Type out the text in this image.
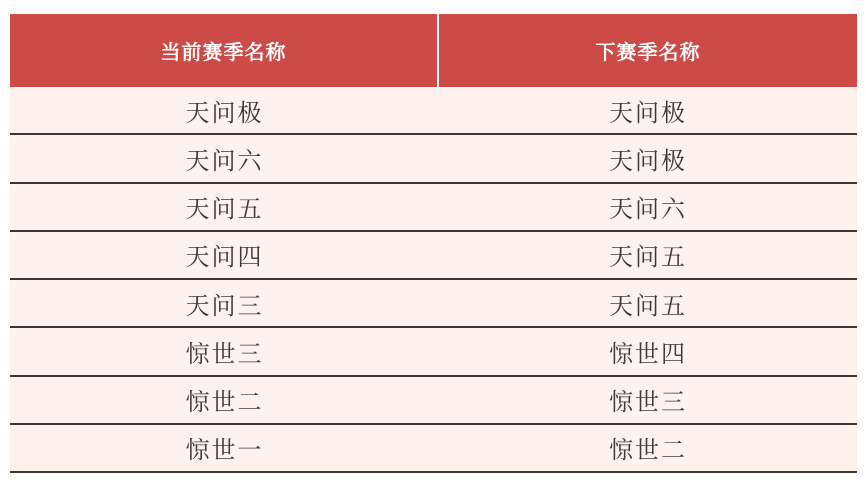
当前赛季名称	下赛季名称
天问极	天问极
天问六	天问极
天问五	天问六
天问四	天问五
天问三	天问五
惊世三	惊世四
惊世二	惊世三
惊世一	惊世二
